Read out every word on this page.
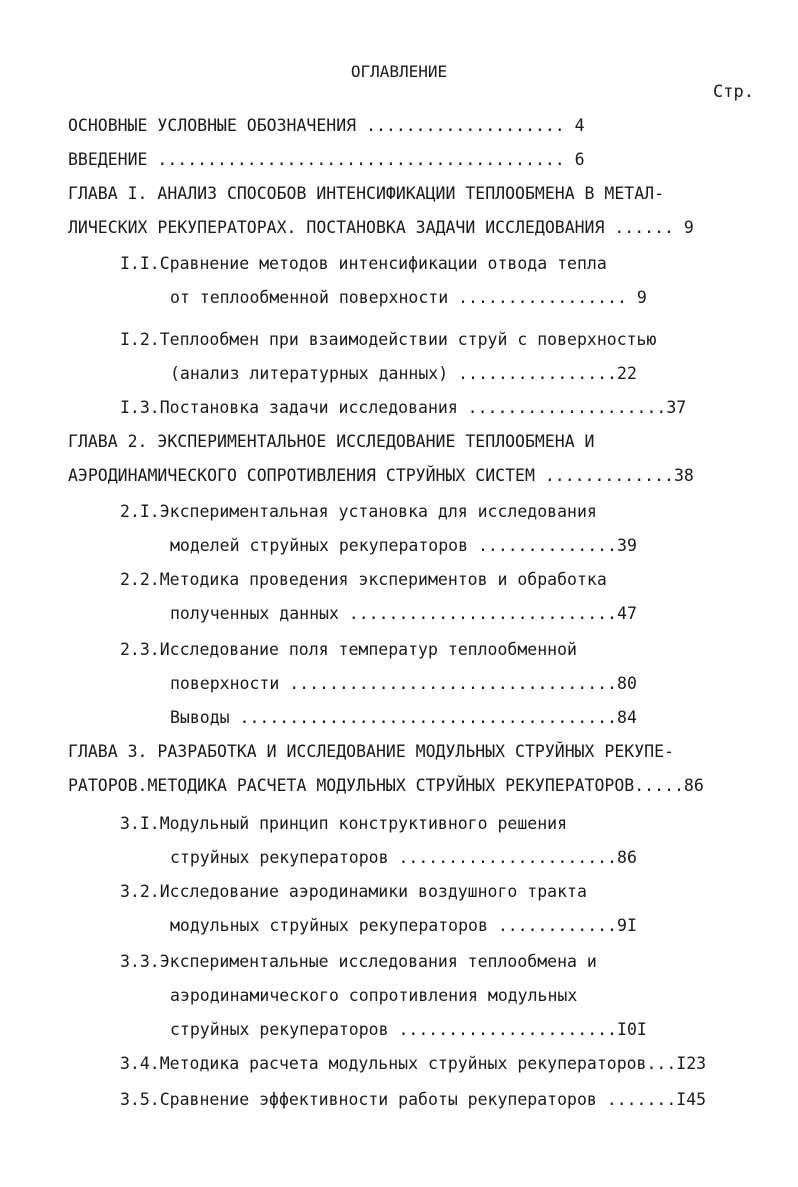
ОГЛАВЛЕНИЕ
Стр.
ОСНОВНЫЕ УСЛОВНЫЕ ОБОЗНАЧЕНИЯ .................... 4
ВВЕДЕНИЕ ......................................... 6
ГЛАВА I. АНАЛИЗ СПОСОБОВ ИНТЕНСИФИКАЦИИ ТЕПЛООБМЕНА В МЕТАЛ-
ЛИЧЕСКИХ РЕКУПЕРАТОРАХ. ПОСТАНОВКА ЗАДАЧИ ИССЛЕДОВАНИЯ ...... 9
I.I.Сравнение методов интенсификации отвода тепла
от теплообменной поверхности ................. 9
I.2.Теплообмен при взаимодействии струй с поверхностью
(анализ литературных данных) ................22
I.3.Постановка задачи исследования ....................37
ГЛАВА 2. ЭКСПЕРИМЕНТАЛЬНОЕ ИССЛЕДОВАНИЕ ТЕПЛООБМЕНА И
АЭРОДИНАМИЧЕСКОГО СОПРОТИВЛЕНИЯ СТРУЙНЫХ СИСТЕМ .............38
2.I.Экспериментальная установка для исследования
моделей струйных рекуператоров ..............39
2.2.Методика проведения экспериментов и обработка
полученных данных ...........................47
2.3.Исследование поля температур теплообменной
поверхности .................................80
Выводы ......................................84
ГЛАВА 3. РАЗРАБОТКА И ИССЛЕДОВАНИЕ МОДУЛЬНЫХ СТРУЙНЫХ РЕКУПЕ-
РАТОРОВ.МЕТОДИКА РАСЧЕТА МОДУЛЬНЫХ СТРУЙНЫХ РЕКУПЕРАТОРОВ.....86
3.I.Модульный принцип конструктивного решения
струйных рекуператоров ......................86
3.2.Исследование аэродинамики воздушного тракта
модульных струйных рекуператоров ............9I
3.3.Экспериментальные исследования теплообмена и
аэродинамического сопротивления модульных
струйных рекуператоров ......................I0I
3.4.Методика расчета модульных струйных рекуператоров...I23
3.5.Сравнение эффективности работы рекуператоров .......I45
